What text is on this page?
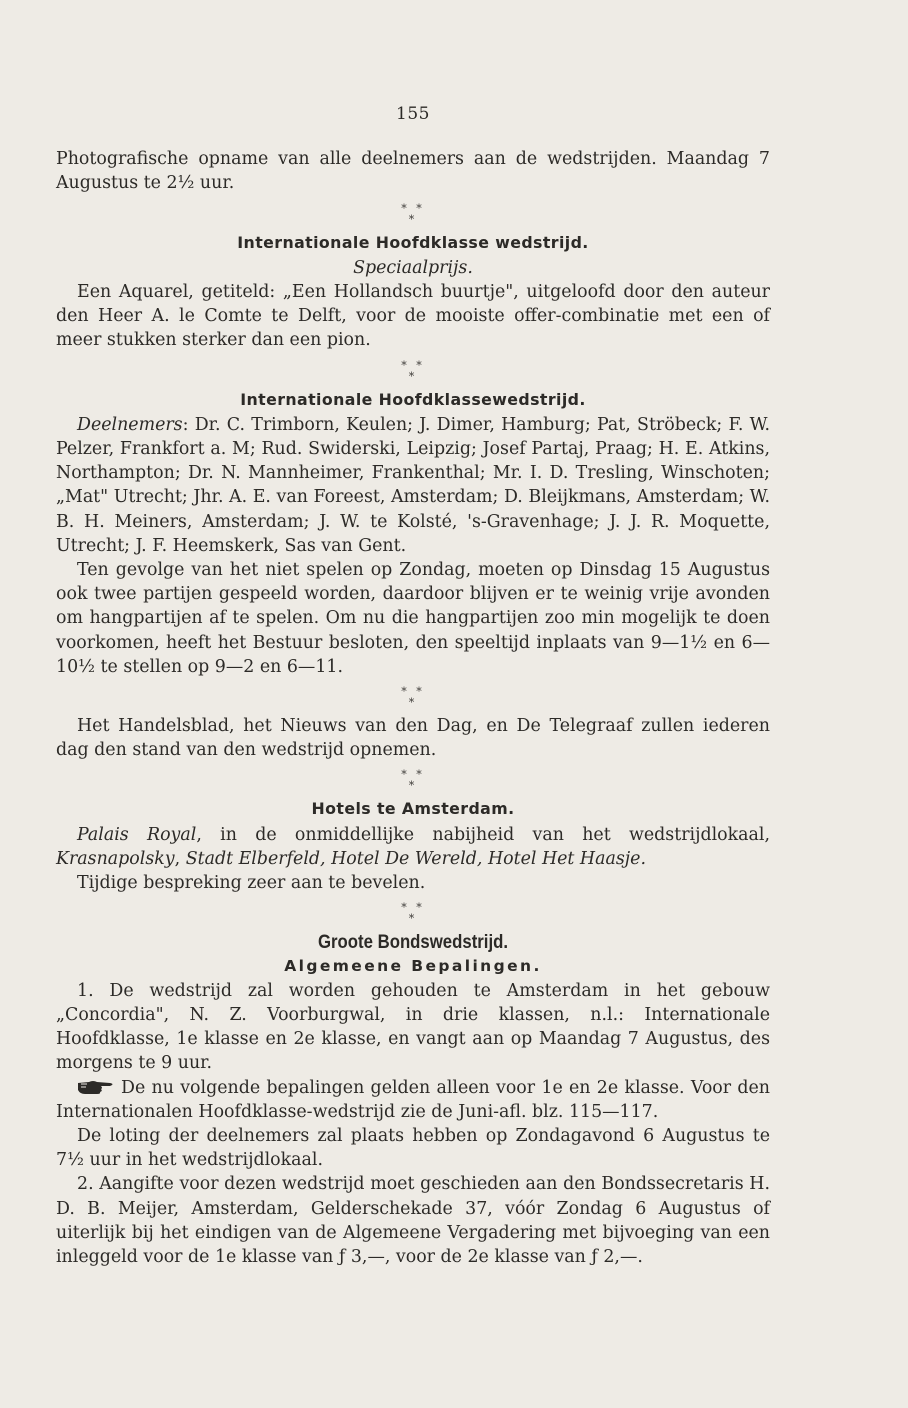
155

Photografische opname van alle deelnemers aan de wedstrijden. Maandag 7 Augustus te 2½ uur.

* *
*
Internationale Hoofdklasse wedstrijd.
Speciaalprijs.

Een Aquarel, getiteld: „Een Hollandsch buurtje", uitgeloofd door den auteur den Heer A. le Comte te Delft, voor de mooiste offer-combinatie met een of meer stukken sterker dan een pion.

* *
*
Internationale Hoofdklassewedstrijd.

Deelnemers: Dr. C. Trimborn, Keulen; J. Dimer, Hamburg; Pat, Ströbeck; F. W. Pelzer, Frankfort a. M; Rud. Swiderski, Leipzig; Josef Partaj, Praag; H. E. Atkins, Northampton; Dr. N. Mannheimer, Frankenthal; Mr. I. D. Tresling, Winschoten; „Mat" Utrecht; Jhr. A. E. van Foreest, Amsterdam; D. Bleijkmans, Amsterdam; W. B. H. Meiners, Amsterdam; J. W. te Kolsté, 's-Gravenhage; J. J. R. Moquette, Utrecht; J. F. Heemskerk, Sas van Gent.

Ten gevolge van het niet spelen op Zondag, moeten op Dinsdag 15 Augustus ook twee partijen gespeeld worden, daardoor blijven er te weinig vrije avonden om hangpartijen af te spelen. Om nu die hangpartijen zoo min mogelijk te doen voorkomen, heeft het Bestuur besloten, den speeltijd inplaats van 9—1½ en 6—10½ te stellen op 9—2 en 6—11.

* *
*

Het Handelsblad, het Nieuws van den Dag, en De Telegraaf zullen iederen dag den stand van den wedstrijd opnemen.

* *
*
Hotels te Amsterdam.

Palais Royal, in de onmiddellijke nabijheid van het wedstrijdlokaal, Krasnapolsky, Stadt Elberfeld, Hotel De Wereld, Hotel Het Haasje.

Tijdige bespreking zeer aan te bevelen.

* *
*
Groote Bondswedstrijd.
Algemeene Bepalingen.

1. De wedstrijd zal worden gehouden te Amsterdam in het gebouw „Concordia", N. Z. Voorburgwal, in drie klassen, n.l.: Internationale Hoofdklasse, 1e klasse en 2e klasse, en vangt aan op Maandag 7 Augustus, des morgens te 9 uur.

De nu volgende bepalingen gelden alleen voor 1e en 2e klasse. Voor den Internationalen Hoofdklasse-wedstrijd zie de Juni-afl. blz. 115—117.

De loting der deelnemers zal plaats hebben op Zondagavond 6 Augustus te 7½ uur in het wedstrijdlokaal.

2. Aangifte voor dezen wedstrijd moet geschieden aan den Bondssecretaris H. D. B. Meijer, Amsterdam, Gelderschekade 37, vóór Zondag 6 Augustus of uiterlijk bij het eindigen van de Algemeene Vergadering met bijvoeging van een inleggeld voor de 1e klasse van ƒ 3,—, voor de 2e klasse van ƒ 2,—.
